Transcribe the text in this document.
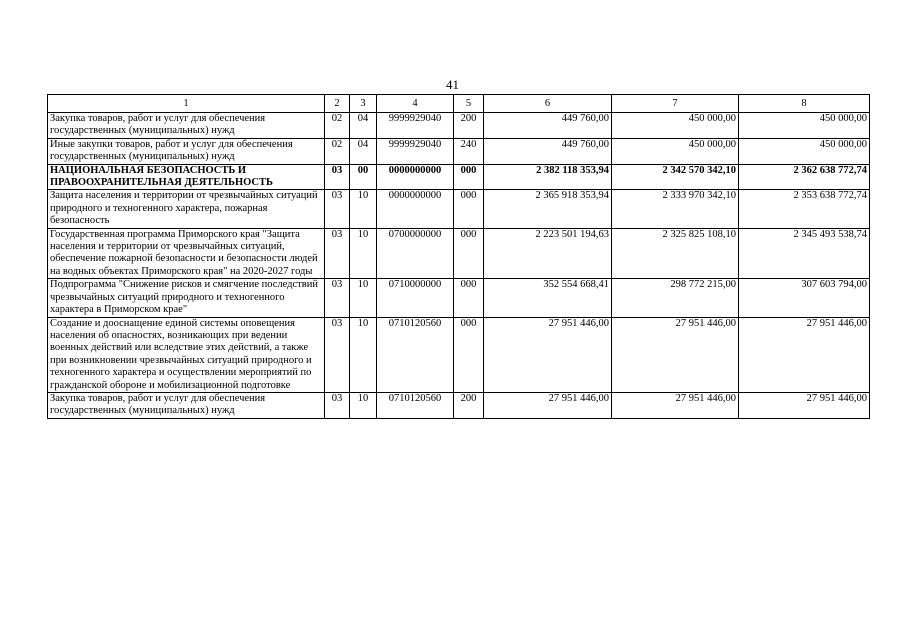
41
1	2	3	4	5	6	7	8
Закупка товаров, работ и услуг для обеспечения государственных (муниципальных) нужд	02	04	9999929040	200	449 760,00	450 000,00	450 000,00
Иные закупки товаров, работ и услуг для обеспечения государственных (муниципальных) нужд	02	04	9999929040	240	449 760,00	450 000,00	450 000,00
НАЦИОНАЛЬНАЯ БЕЗОПАСНОСТЬ И ПРАВООХРАНИТЕЛЬНАЯ ДЕЯТЕЛЬНОСТЬ	03	00	0000000000	000	2 382 118 353,94	2 342 570 342,10	2 362 638 772,74
Защита населения и территории от чрезвычайных ситуаций природного и техногенного характера, пожарная безопасность	03	10	0000000000	000	2 365 918 353,94	2 333 970 342,10	2 353 638 772,74
Государственная программа Приморского края "Защита населения и территории от чрезвычайных ситуаций, обеспечение пожарной безопасности и безопасности людей на водных объектах Приморского края" на 2020-2027 годы	03	10	0700000000	000	2 223 501 194,63	2 325 825 108,10	2 345 493 538,74
Подпрограмма "Снижение рисков и смягчение последствий чрезвычайных ситуаций природного и техногенного характера в Приморском крае"	03	10	0710000000	000	352 554 668,41	298 772 215,00	307 603 794,00
Создание и дооснащение единой системы оповещения населения об опасностях, возникающих при ведении военных действий или вследствие этих действий, а также при возникновении чрезвычайных ситуаций природного и техногенного характера и осуществлении мероприятий по гражданской обороне и мобилизационной подготовке	03	10	0710120560	000	27 951 446,00	27 951 446,00	27 951 446,00
Закупка товаров, работ и услуг для обеспечения государственных (муниципальных) нужд	03	10	0710120560	200	27 951 446,00	27 951 446,00	27 951 446,00
